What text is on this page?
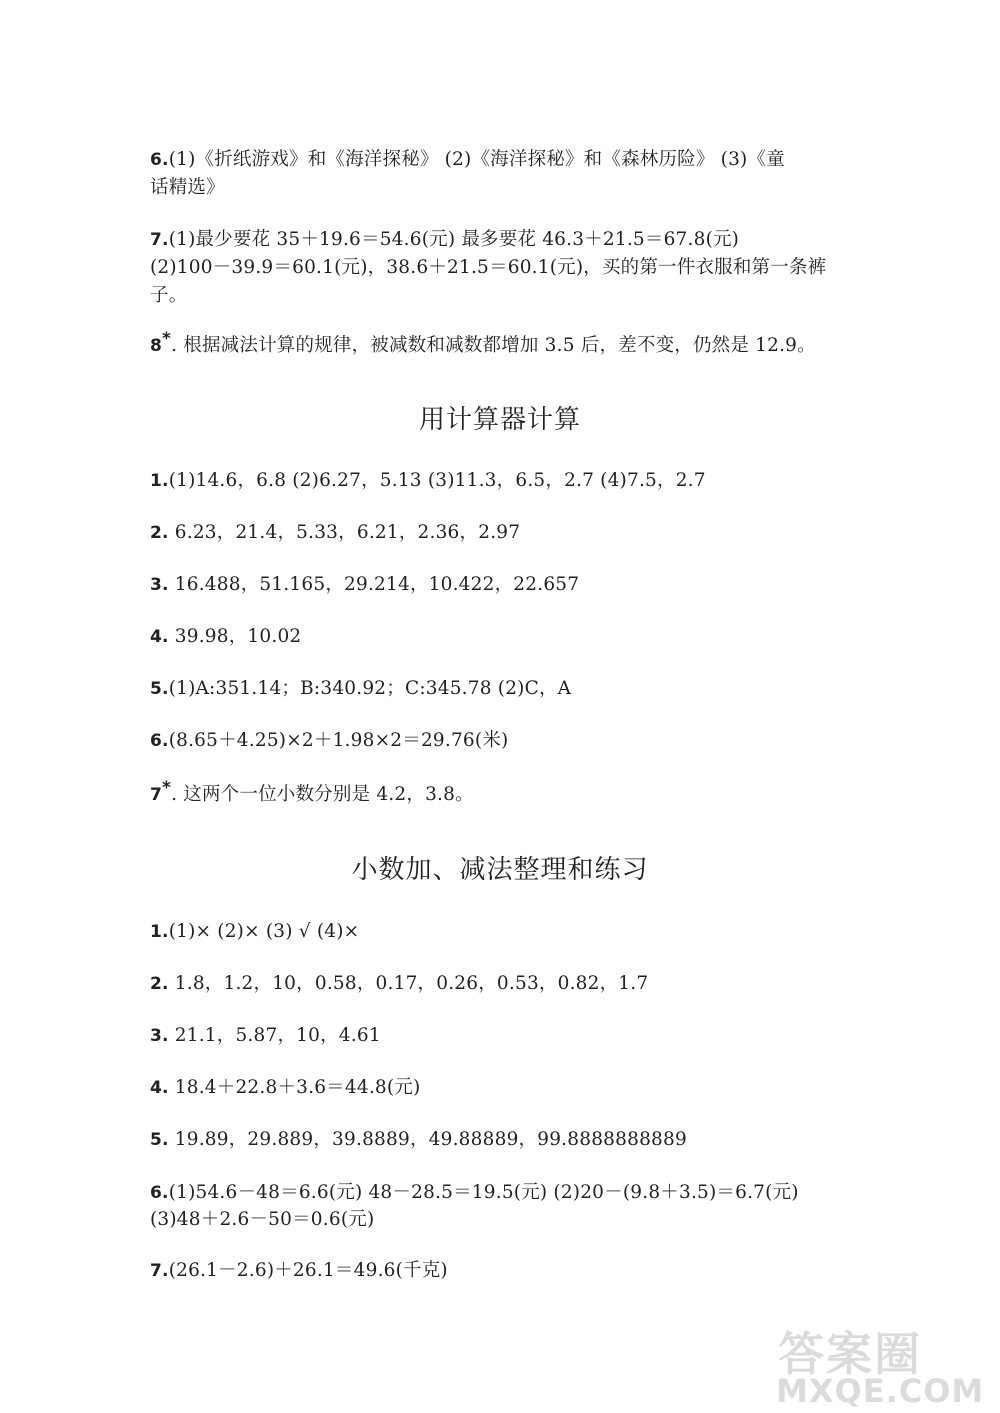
6.(1)《折纸游戏》和《海洋探秘》 (2)《海洋探秘》和《森林历险》 (3)《童
话精选》
7.(1)最少要花 35＋19.6＝54.6(元) 最多要花 46.3＋21.5＝67.8(元)
(2)100－39.9＝60.1(元)，38.6＋21.5＝60.1(元)，买的第一件衣服和第一条裤
子。
8*. 根据减法计算的规律，被减数和减数都增加 3.5 后，差不变，仍然是 12.9。
用计算器计算
1.(1)14.6，6.8 (2)6.27，5.13 (3)11.3，6.5，2.7 (4)7.5，2.7
2. 6.23，21.4，5.33，6.21，2.36，2.97
3. 16.488，51.165，29.214，10.422，22.657
4. 39.98，10.02
5.(1)A:351.14；B:340.92；C:345.78 (2)C，A
6.(8.65＋4.25)×2＋1.98×2＝29.76(米)
7*. 这两个一位小数分别是 4.2，3.8。
小数加、减法整理和练习
1.(1)× (2)× (3) √ (4)×
2. 1.8，1.2，10，0.58，0.17，0.26，0.53，0.82，1.7
3. 21.1，5.87，10，4.61
4. 18.4＋22.8＋3.6＝44.8(元)
5. 19.89，29.889，39.8889，49.88889，99.8888888889
6.(1)54.6－48＝6.6(元) 48－28.5＝19.5(元) (2)20－(9.8＋3.5)＝6.7(元)
(3)48＋2.6－50＝0.6(元)
7.(26.1－2.6)＋26.1＝49.6(千克)
答案圈
MXQE.COM
